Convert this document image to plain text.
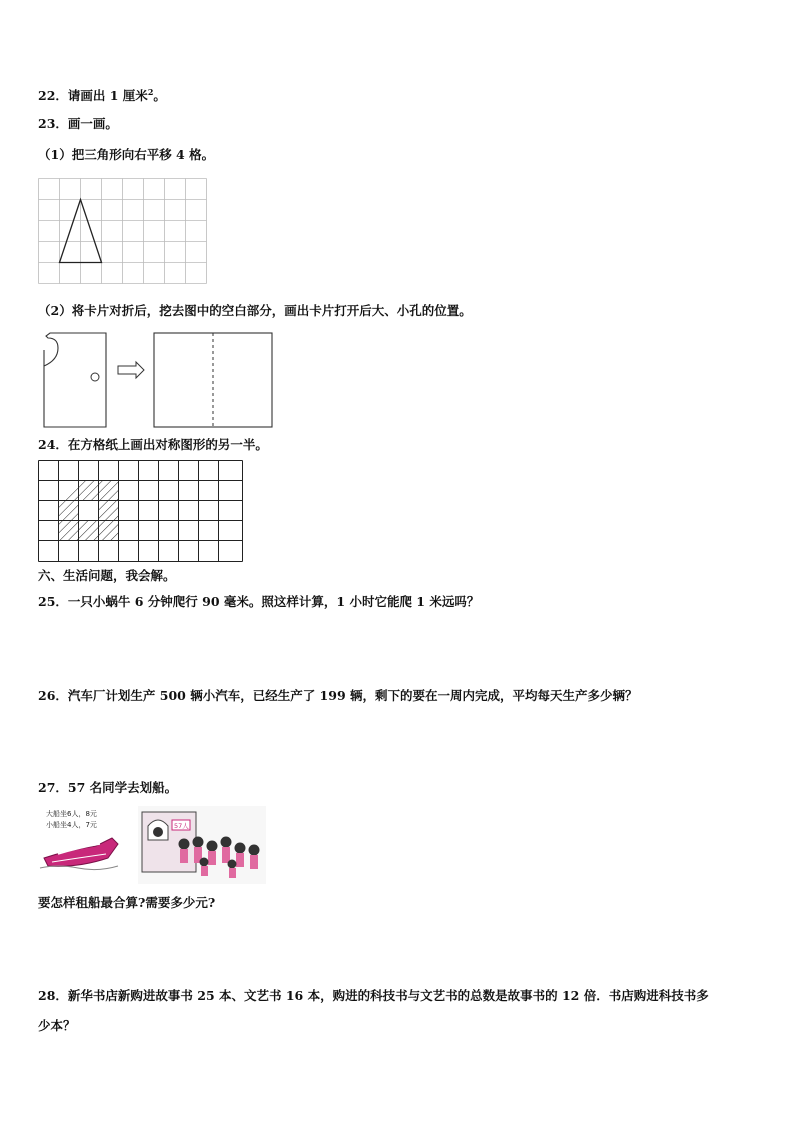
22．请画出 1 厘米$^2$。
23．画一画。
（1）把三角形向右平移 4 格。
（2）将卡片对折后，挖去图中的空白部分，画出卡片打开后大、小孔的位置。
24．在方格纸上画出对称图形的另一半。
六、生活问题，我会解。
25．一只小蜗牛 6 分钟爬行 90 毫米。照这样计算，1 小时它能爬 1 米远吗？
26．汽车厂计划生产 500 辆小汽车，已经生产了 199 辆，剩下的要在一周内完成，平均每天生产多少辆？
27．57 名同学去划船。
大船坐6人，8元
小船坐4人，7元	57人
要怎样租船最合算?需要多少元?
28．新华书店新购进故事书 25 本、文艺书 16 本，购进的科技书与文艺书的总数是故事书的 12 倍．书店购进科技书多
少本？
